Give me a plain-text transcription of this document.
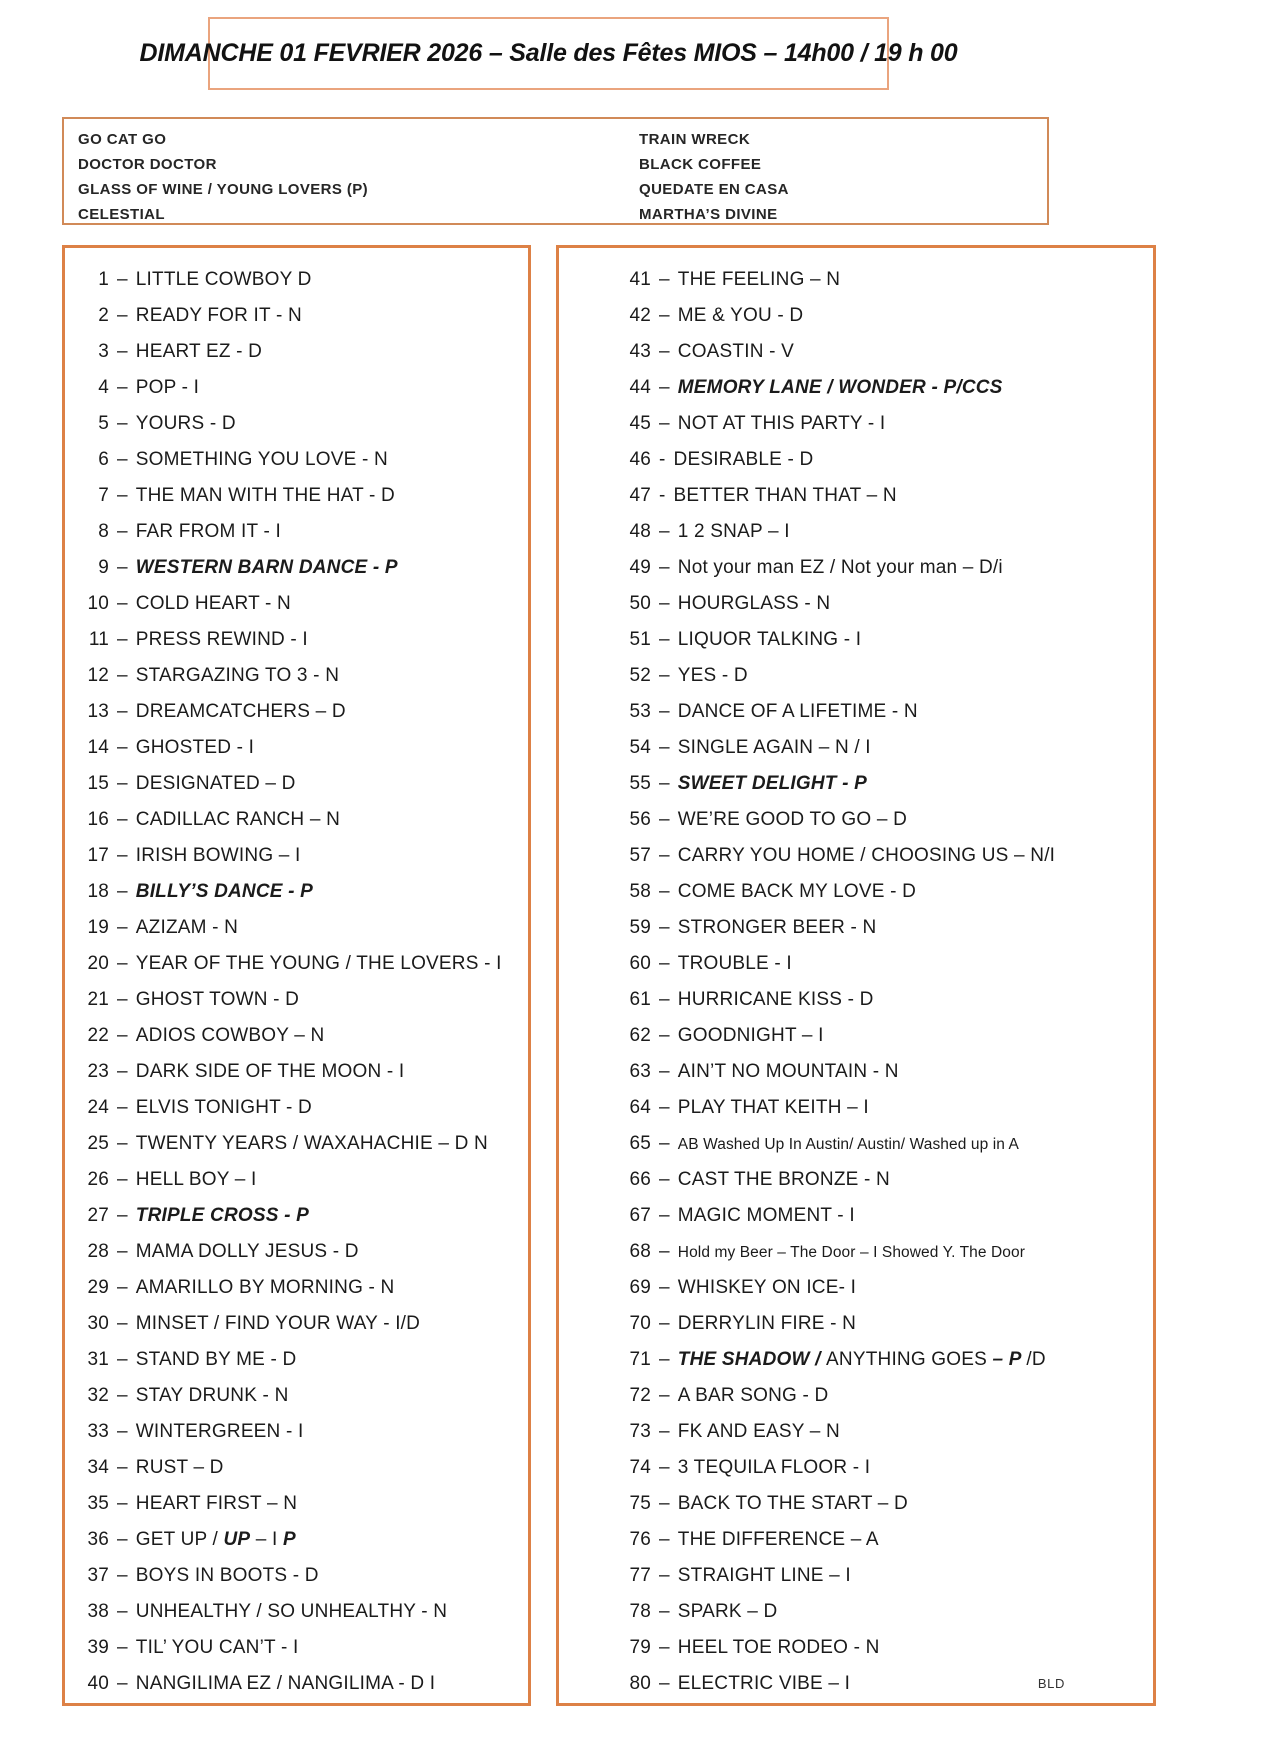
DIMANCHE 01 FEVRIER 2026 – Salle des Fêtes MIOS – 14h00 / 19 h 00
GO CAT GO
DOCTOR DOCTOR
GLASS OF WINE / YOUNG LOVERS (P)
CELESTIAL
TRAIN WRECK
BLACK COFFEE
QUEDATE EN CASA
MARTHA’S DIVINE
1 – LITTLE COWBOY D
2 – READY FOR IT - N
3 – HEART EZ - D
4 – POP - I
5 – YOURS - D
6 – SOMETHING YOU LOVE - N
7 – THE MAN WITH THE HAT - D
8 – FAR FROM IT - I
9 – WESTERN BARN DANCE - P
10 – COLD HEART - N
11 – PRESS REWIND - I
12 – STARGAZING TO 3 - N
13 – DREAMCATCHERS – D
14 – GHOSTED - I
15 – DESIGNATED – D
16 – CADILLAC RANCH – N
17 – IRISH BOWING – I
18 – BILLY’S DANCE - P
19 – AZIZAM - N
20 – YEAR OF THE YOUNG / THE LOVERS - I
21 – GHOST TOWN - D
22 – ADIOS COWBOY – N
23 – DARK SIDE OF THE MOON - I
24 – ELVIS TONIGHT - D
25 – TWENTY YEARS / WAXAHACHIE – D N
26 – HELL BOY – I
27 – TRIPLE CROSS - P
28 – MAMA DOLLY JESUS - D
29 – AMARILLO BY MORNING - N
30 – MINSET / FIND YOUR WAY - I/D
31 – STAND BY ME - D
32 – STAY DRUNK - N
33 – WINTERGREEN - I
34 – RUST – D
35 – HEART FIRST – N
36 – GET UP / UP – I P
37 – BOYS IN BOOTS - D
38 – UNHEALTHY / SO UNHEALTHY - N
39 – TIL’ YOU CAN’T - I
40 – NANGILIMA EZ / NANGILIMA - D I	BLD
41 – THE FEELING – N
42 – ME & YOU - D
43 – COASTIN - V
44 – MEMORY LANE / WONDER - P/CCS
45 – NOT AT THIS PARTY - I
46 - DESIRABLE - D
47 - BETTER THAN THAT – N
48 – 1 2 SNAP – I
49 – Not your man EZ / Not your man – D/i
50 – HOURGLASS - N
51 – LIQUOR TALKING - I
52 – YES - D
53 – DANCE OF A LIFETIME - N
54 – SINGLE AGAIN – N / I
55 – SWEET DELIGHT - P
56 – WE’RE GOOD TO GO – D
57 – CARRY YOU HOME / CHOOSING US – N/I
58 – COME BACK MY LOVE - D
59 – STRONGER BEER - N
60 – TROUBLE - I
61 – HURRICANE KISS - D
62 – GOODNIGHT – I
63 – AIN’T NO MOUNTAIN - N
64 – PLAY THAT KEITH – I
65 – AB Washed Up In Austin/ Austin/ Washed up in A
66 – CAST THE BRONZE - N
67 – MAGIC MOMENT - I
68 – Hold my Beer – The Door – I Showed Y. The Door
69 – WHISKEY ON ICE- I
70 – DERRYLIN FIRE - N
71 – THE SHADOW / ANYTHING GOES – P /D
72 – A BAR SONG - D
73 – FK AND EASY – N
74 – 3 TEQUILA FLOOR - I
75 – BACK TO THE START – D
76 – THE DIFFERENCE – A
77 – STRAIGHT LINE – I
78 – SPARK – D
79 – HEEL TOE RODEO - N
80 – ELECTRIC VIBE – I
